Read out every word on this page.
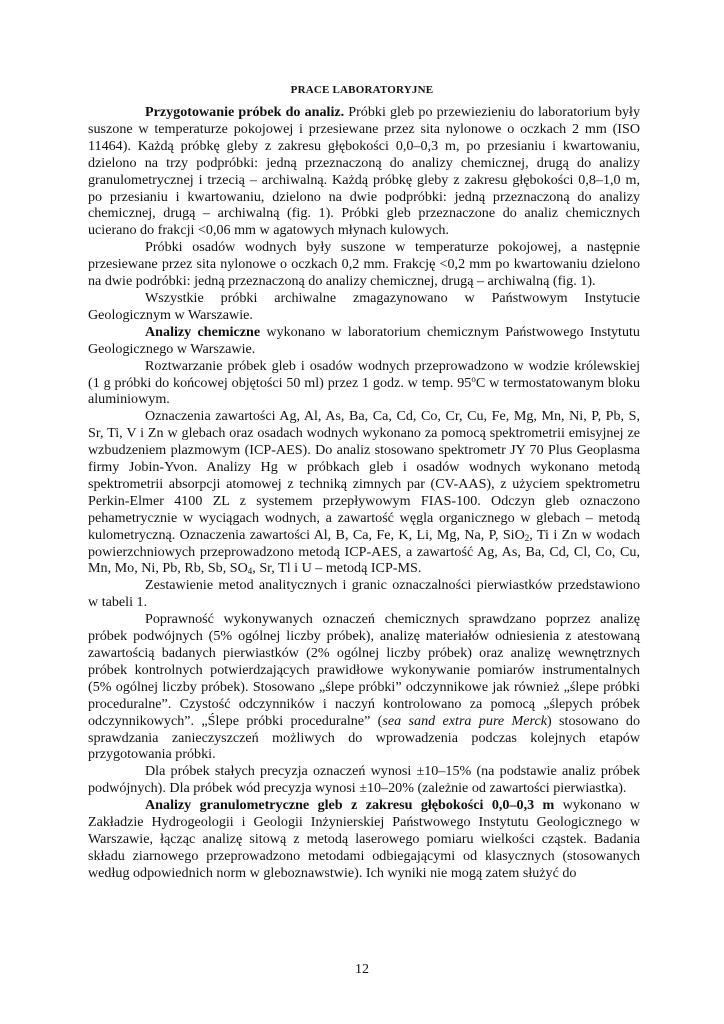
PRACE LABORATORYJNE

Przygotowanie próbek do analiz. Próbki gleb po przewiezieniu do laboratorium były suszone w temperaturze pokojowej i przesiewane przez sita nylonowe o oczkach 2 mm (ISO 11464). Każdą próbkę gleby z zakresu głębokości 0,0–0,3 m, po przesianiu i kwartowaniu, dzielono na trzy podpróbki: jedną przeznaczoną do analizy chemicznej, drugą do analizy granulometrycznej i trzecią – archiwalną. Każdą próbkę gleby z zakresu głębokości 0,8–1,0 m, po przesianiu i kwartowaniu, dzielono na dwie podpróbki: jedną przeznaczoną do analizy chemicznej, drugą – archiwalną (fig. 1). Próbki gleb przeznaczone do analiz chemicznych ucierano do frakcji <0,06 mm w agatowych młynach kulowych.

Próbki osadów wodnych były suszone w temperaturze pokojowej, a następnie przesiewane przez sita nylonowe o oczkach 0,2 mm. Frakcję <0,2 mm po kwartowaniu dzielono na dwie podróbki: jedną przeznaczoną do analizy chemicznej, drugą – archiwalną (fig. 1).

Wszystkie próbki archiwalne zmagazynowano w Państwowym Instytucie Geologicznym w Warszawie.

Analizy chemiczne wykonano w laboratorium chemicznym Państwowego Instytutu Geologicznego w Warszawie.

Roztwarzanie próbek gleb i osadów wodnych przeprowadzono w wodzie królewskiej (1 g próbki do końcowej objętości 50 ml) przez 1 godz. w temp. 95$^o$C w termostatowanym bloku aluminiowym.

Oznaczenia zawartości Ag, Al, As, Ba, Ca, Cd, Co, Cr, Cu, Fe, Mg, Mn, Ni, P, Pb, S, Sr, Ti, V i Zn w glebach oraz osadach wodnych wykonano za pomocą spektrometrii emisyjnej ze wzbudzeniem plazmowym (ICP-AES). Do analiz stosowano spektrometr JY 70 Plus Geoplasma firmy Jobin-Yvon. Analizy Hg w próbkach gleb i osadów wodnych wykonano metodą spektrometrii absorpcji atomowej z techniką zimnych par (CV-AAS), z użyciem spektrometru Perkin-Elmer 4100 ZL z systemem przepływowym FIAS-100. Odczyn gleb oznaczono pehametrycznie w wyciągach wodnych, a zawartość węgla organicznego w glebach – metodą kulometryczną. Oznaczenia zawartości Al, B, Ca, Fe, K, Li, Mg, Na, P, SiO$_2$, Ti i Zn w wodach powierzchniowych przeprowadzono metodą ICP-AES, a zawartość Ag, As, Ba, Cd, Cl, Co, Cu, Mn, Mo, Ni, Pb, Rb, Sb, $SO_4$, Sr, Tl i U – metodą ICP-MS.

Zestawienie metod analitycznych i granic oznaczalności pierwiastków przedstawiono w tabeli 1.

Poprawność wykonywanych oznaczeń chemicznych sprawdzano poprzez analizę próbek podwójnych (5% ogólnej liczby próbek), analizę materiałów odniesienia z atestowaną zawartością badanych pierwiastków (2% ogólnej liczby próbek) oraz analizę wewnętrznych próbek kontrolnych potwierdzających prawidłowe wykonywanie pomiarów instrumentalnych (5% ogólnej liczby próbek). Stosowano „ślepe próbki” odczynnikowe jak również „ślepe próbki proceduralne”. Czystość odczynników i naczyń kontrolowano za pomocą „ślepych próbek odczynnikowych”. „Ślepe próbki proceduralne” (sea sand extra pure Merck) stosowano do sprawdzania zanieczyszczeń możliwych do wprowadzenia podczas kolejnych etapów przygotowania próbki.

Dla próbek stałych precyzja oznaczeń wynosi ±10–15% (na podstawie analiz próbek podwójnych). Dla próbek wód precyzja wynosi ±10–20% (zależnie od zawartości pierwiastka).

Analizy granulometryczne gleb z zakresu głębokości 0,0–0,3 m wykonano w Zakładzie Hydrogeologii i Geologii Inżynierskiej Państwowego Instytutu Geologicznego w Warszawie, łącząc analizę sitową z metodą laserowego pomiaru wielkości cząstek. Badania składu ziarnowego przeprowadzono metodami odbiegającymi od klasycznych (stosowanych według odpowiednich norm w gleboznawstwie). Ich wyniki nie mogą zatem służyć do

12
